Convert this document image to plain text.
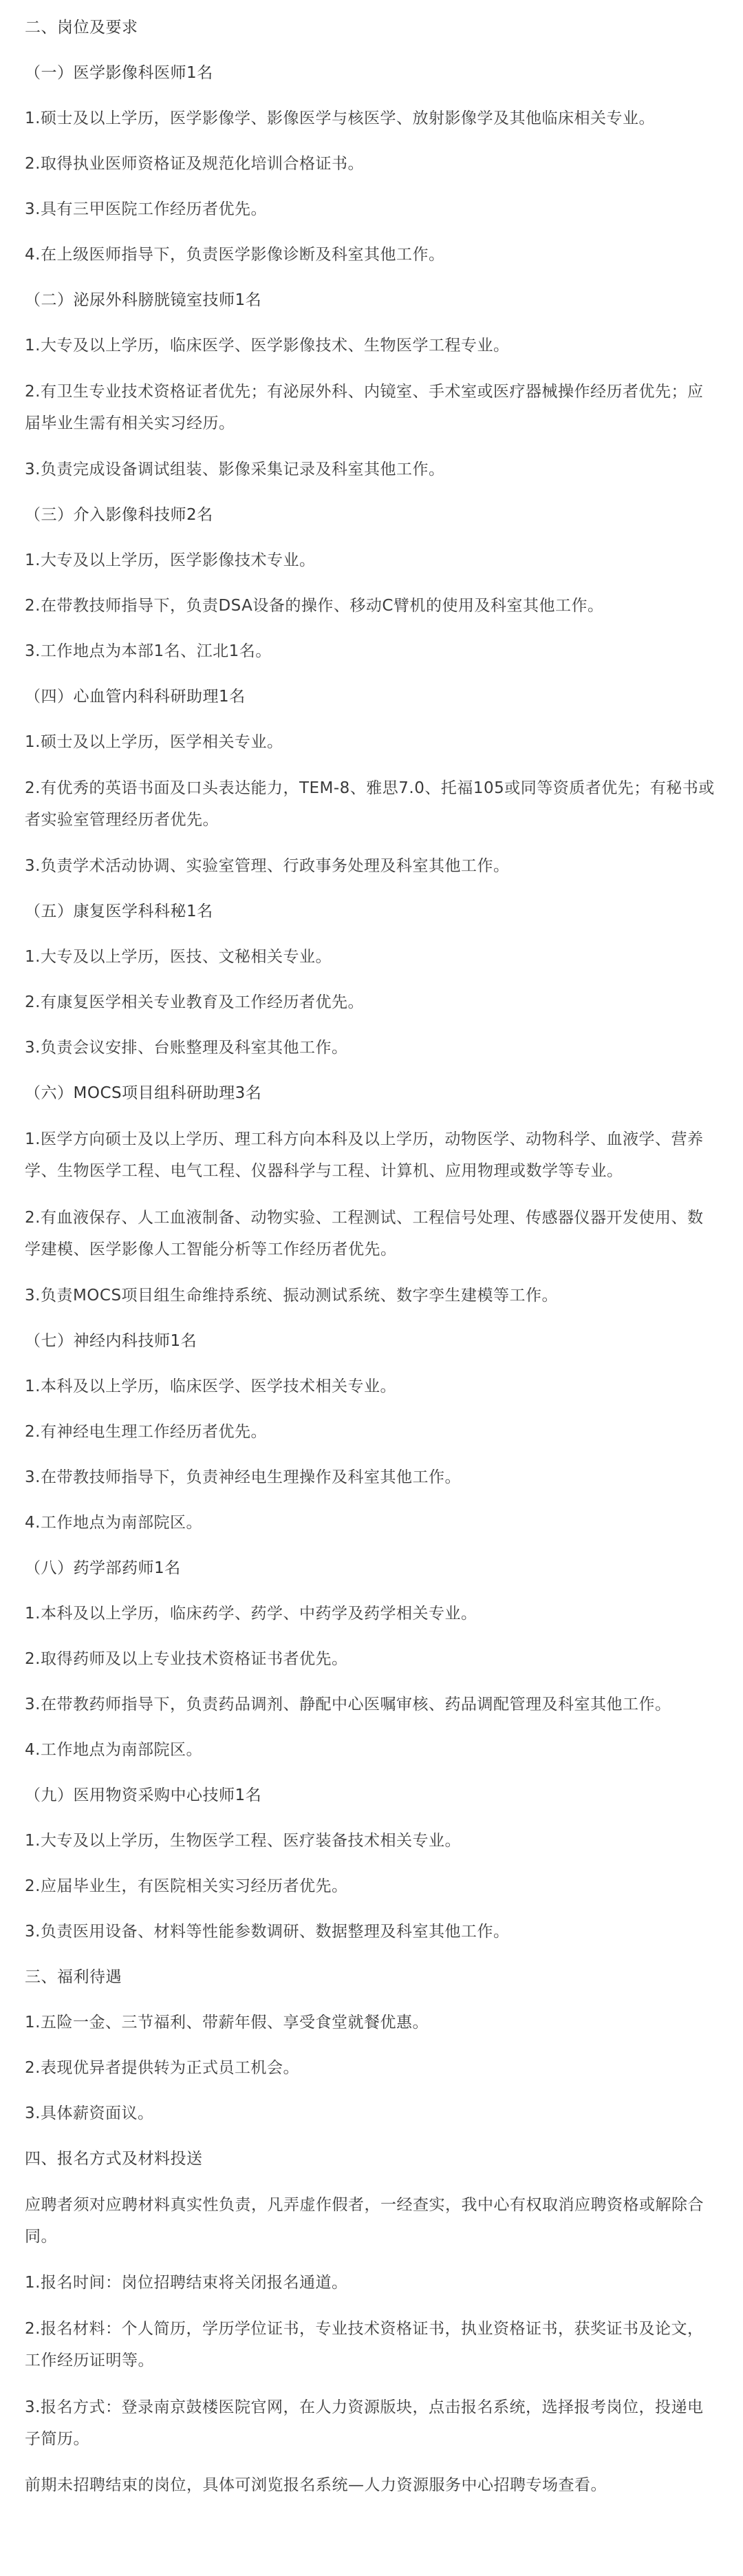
二、岗位及要求

（一）医学影像科医师1名

1.硕士及以上学历，医学影像学、影像医学与核医学、放射影像学及其他临床相关专业。

2.取得执业医师资格证及规范化培训合格证书。

3.具有三甲医院工作经历者优先。

4.在上级医师指导下，负责医学影像诊断及科室其他工作。

（二）泌尿外科膀胱镜室技师1名

1.大专及以上学历，临床医学、医学影像技术、生物医学工程专业。

2.有卫生专业技术资格证者优先；有泌尿外科、内镜室、手术室或医疗器械操作经历者优先；应届毕业生需有相关实习经历。

3.负责完成设备调试组装、影像采集记录及科室其他工作。

（三）介入影像科技师2名

1.大专及以上学历，医学影像技术专业。

2.在带教技师指导下，负责DSA设备的操作、移动C臂机的使用及科室其他工作。

3.工作地点为本部1名、江北1名。

（四）心血管内科科研助理1名

1.硕士及以上学历，医学相关专业。

2.有优秀的英语书面及口头表达能力，TEM-8、雅思7.0、托福105或同等资质者优先；有秘书或者实验室管理经历者优先。

3.负责学术活动协调、实验室管理、行政事务处理及科室其他工作。

（五）康复医学科科秘1名

1.大专及以上学历，医技、文秘相关专业。

2.有康复医学相关专业教育及工作经历者优先。

3.负责会议安排、台账整理及科室其他工作。

（六）MOCS项目组科研助理3名

1.医学方向硕士及以上学历、理工科方向本科及以上学历，动物医学、动物科学、血液学、营养学、生物医学工程、电气工程、仪器科学与工程、计算机、应用物理或数学等专业。

2.有血液保存、人工血液制备、动物实验、工程测试、工程信号处理、传感器仪器开发使用、数学建模、医学影像人工智能分析等工作经历者优先。

3.负责MOCS项目组生命维持系统、振动测试系统、数字孪生建模等工作。

（七）神经内科技师1名

1.本科及以上学历，临床医学、医学技术相关专业。

2.有神经电生理工作经历者优先。

3.在带教技师指导下，负责神经电生理操作及科室其他工作。

4.工作地点为南部院区。

（八）药学部药师1名

1.本科及以上学历，临床药学、药学、中药学及药学相关专业。

2.取得药师及以上专业技术资格证书者优先。

3.在带教药师指导下，负责药品调剂、静配中心医嘱审核、药品调配管理及科室其他工作。

4.工作地点为南部院区。

（九）医用物资采购中心技师1名

1.大专及以上学历，生物医学工程、医疗装备技术相关专业。

2.应届毕业生，有医院相关实习经历者优先。

3.负责医用设备、材料等性能参数调研、数据整理及科室其他工作。

三、福利待遇

1.五险一金、三节福利、带薪年假、享受食堂就餐优惠。

2.表现优异者提供转为正式员工机会。

3.具体薪资面议。

四、报名方式及材料投送

应聘者须对应聘材料真实性负责，凡弄虚作假者，一经查实，我中心有权取消应聘资格或解除合同。

1.报名时间：岗位招聘结束将关闭报名通道。

2.报名材料：个人简历，学历学位证书，专业技术资格证书，执业资格证书，获奖证书及论文，工作经历证明等。

3.报名方式：登录南京鼓楼医院官网，在人力资源版块，点击报名系统，选择报考岗位，投递电子简历。

前期未招聘结束的岗位，具体可浏览报名系统—人力资源服务中心招聘专场查看。
